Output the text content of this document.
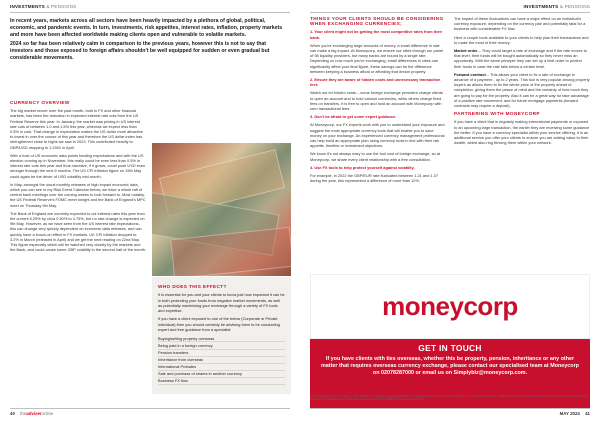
INVESTMENTS & PENSIONS	INVESTMENTS & PENSIONS

In recent years, markets across all sectors have been heavily impacted by a plethora of global, political, economic, and pandemic events. In turn, investments, risk appetites, interest rates, inflation, property markets and more have been affected worldwide making clients open and vulnerable to volatile markets.

2024 so far has been relatively calm in comparison to the previous years, however this is not to say that investors and those exposed to foreign affairs shouldn't be well equipped for sudden or even gradual but considerable movements.

CURRENCY OVERVIEW

The big market mover over the past month, both in FX and other financial markets, has been the reduction in expected interest rate cuts from the US Federal Reserve this year. In January, the market was pricing in US interest rate cuts of between 1.0 and 1.5% this year, whereas we expect less than 0.5% in cuts. That change in expectation makes the US dollar more attractive to invest in over the course of this year and therefore the US dollar index has strengthened close to highs we saw in 2023. This contributed heavily to GBP/USD dropping to 1.2301 in April.

With a host of US economic data points beating expectations and with the US election coming up in November, this really could be even less than 0.5% in interest rate cuts this year and thus narrative, if it grows, could push USD even stronger through the next 6 months. The US CPI inflation figure on 15th May could again be the driver of USD volatility mid-month.

In May, amongst the usual monthly releases of high impact economic data, which you can see in my Risk Event Calendar below, we have a whole raft of central bank meetings over the coming weeks to look forward to. Most notably, the US Federal Reserve's FOMC meet tonight and the Bank of England's MPC meet on Thursday 9th May.

The Bank of England are currently expected to cut interest rates this year from the current 5.25% by circa 0.50% to 4.75%, but no rate change is expected on 9th May. However, as we have seen from the US interest rate expectations, this can change very quickly dependent on economic data releases, and can quickly have a knock-on effect in FX markets. UK CPI inflation dropped to 3.2% in March (released in April) and we get the next reading on 22nd May. This figure especially which will be watched very closely by the markets and the Bank, and could cause some GBP volatility in the second half of the month.

WHO DOES THIS EFFECT?

It is essential for you and your clients to know just how important it can be in both protecting your funds from negative market movements, as well as potentially maximising your exchange through a variety of FX tools and expertise.

If you have a client exposed to one of the below (Corporate or Private individual) then you should certainly be advising them to be conducting expert and free guidance from a specialist:

Buying/selling property overseas
Being paid in a foreign currency
Pension transfers
Inheritance from overseas
International Probates
Sale and purchase of shares in another currency
Business FX flow
THINGS YOUR CLIENTS SHOULD BE CONSIDERING
WHEN EXCHANGING CURRENCIES;

1. Your client might not be getting the most competitive rates from their bank.

When you're exchanging large amounts of money, a small difference in rate can make a big impact. At Moneycorp, we ensure our rates through our panel of 98 liquidity providers, but many banks are bound by a single rate. Depending on how much you're exchanging, small differences in rates can significantly affect your final figure, these savings can be the difference between keeping a business afloat or affording that dream property.

2. Ensure they are aware of hidden costs and unnecessary transaction fees

Watch out for hidden costs – some foreign exchange providers charge clients to open an account and to hold various currencies, while others charge fixed fees on transfers. It is free to open and hold an account with Moneycorp with zero transactional fees.

3. Don't be afraid to get some expert guidance.

At Moneycorp, our FX experts work with you to understand your exposure and suggest the most appropriate currency tools that will enable you to save money on your exchange. An experienced currency management professional can help build an appropriate plan using currency tools in line with their risk appetite, timeline or investment objectives.

We know it's not always easy to use the tool cost of foreign exchange, so at Moneycorp, we share every client relationship with a free consultation.

4. Use FX tools to help protect yourself against volatility.

For example, in 2022 the GBP/EUR rate fluctuated between 1.21 and 1.07 during the year, this represented a difference of more than 12%.

The impact of these fluctuations can have a major effect on an individual's currency exposure, depending on the currency pair and potentially fatal for a business with considerable FX flow.

Here a couple tools available to your clients to help plan their transactions and to make the most of their money:

Market order – They could target a rate of exchange and if the rate moves to that level, their funds will be bought automatically so they never miss an opportunity. With the same principle they can set up a limit order to protect their funds in case the rate falls below a certain level.

Forward contract – This allows your client to fix a rate of exchange in advance of a payment - up to 2 years. This tool is very popular among property buyers as allows them to fix the whole price of the property ahead of completion, giving them the peace of mind and the certainty of how much they are going to pay for the property. Also it can be a great way for take advantage of a positive rate movement, and for future mortgage payments (forward contracts may require a deposit).

PARTNERING WITH MONEYCORP

If you have a client that is regularly making international payments or exposed to an upcoming large transaction, the earlier they are receiving some guidance the better. If you have a currency specialist within your service offering, it is an additional service you offer your clients to ensure you are adding value to their wealth, whilst also ring fencing them within your network.

moneycorp
GET IN TOUCH
If you have clients with ties overseas, whether this be property, pension, inheritance or any other matter that requires overseas currency exchange, please contact our specialised team at Moneycorp on 02078287000 or email us on Simplybiz@moneycorp.com.
TTT Moneycorp Limited (company number 738837) is registered in England and Wales and registered office is Floor 5, Zig Zag Building, 70 Victoria Street, London, SW1E 6SQ. Moneycorp is a trading name of TTT Moneycorp Limited which is authorised and regulated by the Financial Conduct Authority (FRN 308919) for its payment services.
40 theadviseronline	MAY 2024 41
